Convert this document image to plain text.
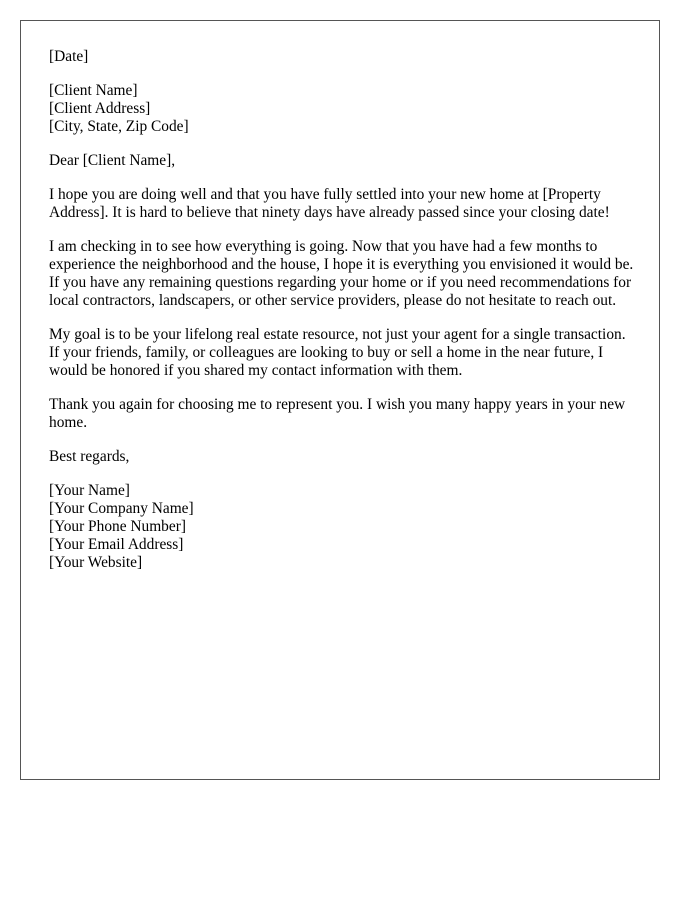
[Date]
[Client Name]
[Client Address]
[City, State, Zip Code]
Dear [Client Name],

I hope you are doing well and that you have fully settled into your new home at [Property Address]. It is hard to believe that ninety days have already passed since your closing date!

I am checking in to see how everything is going. Now that you have had a few months to experience the neighborhood and the house, I hope it is everything you envisioned it would be. If you have any remaining questions regarding your home or if you need recommendations for local contractors, landscapers, or other service providers, please do not hesitate to reach out.

My goal is to be your lifelong real estate resource, not just your agent for a single transaction. If your friends, family, or colleagues are looking to buy or sell a home in the near future, I would be honored if you shared my contact information with them.

Thank you again for choosing me to represent you. I wish you many happy years in your new home.

Best regards,
[Your Name]
[Your Company Name]
[Your Phone Number]
[Your Email Address]
[Your Website]
